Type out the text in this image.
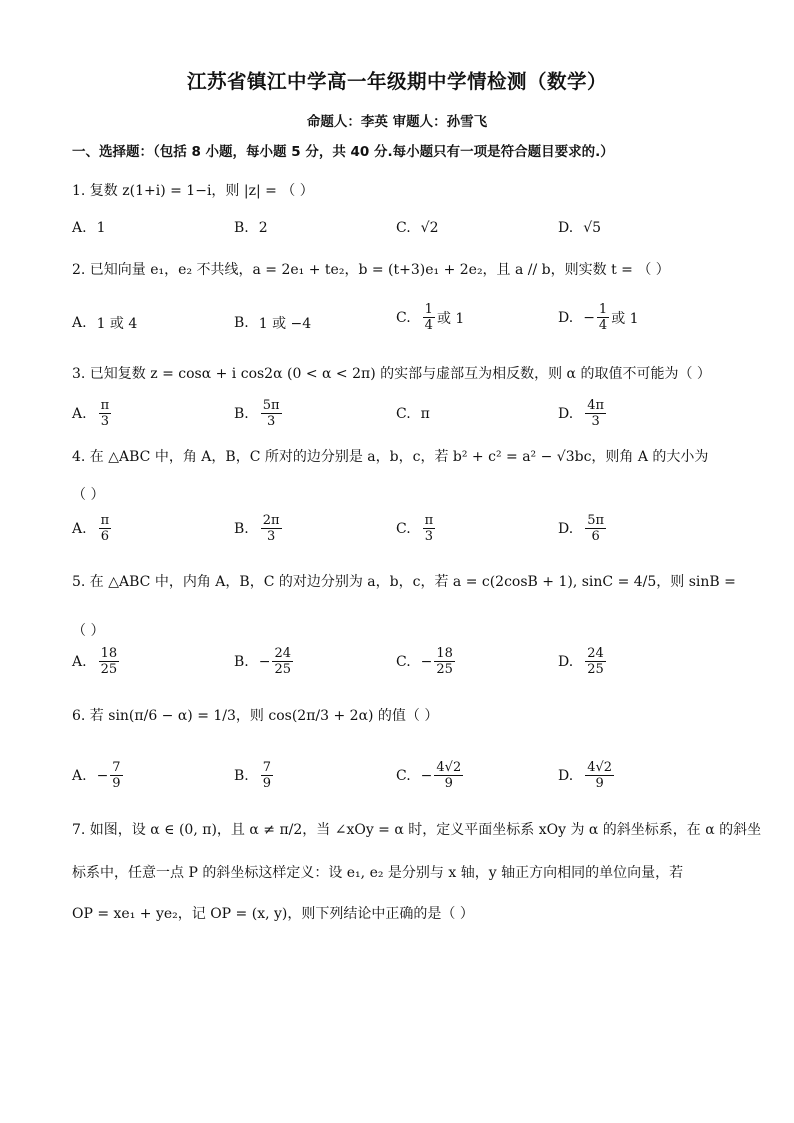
江苏省镇江中学高一年级期中学情检测（数学）
命题人：李英 审题人：孙雪飞
一、选择题：（包括 8 小题，每小题 5 分，共 40 分.每小题只有一项是符合题目要求的.）
1. 复数 z(1+i) = 1−i，则 |z| = （ ）
A. 1	B. 2	C. √2	D. √5
2. 已知向量 e₁，e₂ 不共线，a = 2e₁ + te₂，b = (t+3)e₁ + 2e₂，且 a // b，则实数 t = （ ）
A. 1 或 4	B. 1 或 −4	C. $\frac{1}{4}$ 或 1	D. − $\frac{1}{4}$ 或 1
3. 已知复数 z = cosα + i cos2α (0 < α < 2π) 的实部与虚部互为相反数，则 α 的取值不可能为（ ）
A. $\frac{\pi}{3}$	B. $\frac{5\pi}{3}$	C. π	D. $\frac{4\pi}{3}$
4. 在 △ABC 中，角 A，B，C 所对的边分别是 a，b，c，若 b² + c² = a² − √3bc，则角 A 的大小为
（ ）
A. $\frac{\pi}{6}$	B. $\frac{2\pi}{3}$	C. $\frac{\pi}{3}$	D. $\frac{5\pi}{6}$
5. 在 △ABC 中，内角 A，B，C 的对边分别为 a，b，c，若 a = c(2cosB + 1), sinC = 4/5，则 sinB =
（ ）
A. $\frac{18}{25}$	B. − $\frac{24}{25}$	C. − $\frac{18}{25}$	D. $\frac{24}{25}$
6. 若 sin(π/6 − α) = 1/3，则 cos(2π/3 + 2α) 的值（ ）
A. − $\frac{7}{9}$	B. $\frac{7}{9}$	C. − $\frac{4√2}{9}$	D. $\frac{4√2}{9}$
7. 如图，设 α ∈ (0, π)，且 α ≠ π/2，当 ∠xOy = α 时，定义平面坐标系 xOy 为 α 的斜坐标系，在 α 的斜坐
标系中，任意一点 P 的斜坐标这样定义：设 e₁, e₂ 是分别与 x 轴，y 轴正方向相同的单位向量，若
OP = xe₁ + ye₂，记 OP = (x, y)，则下列结论中正确的是（ ）
